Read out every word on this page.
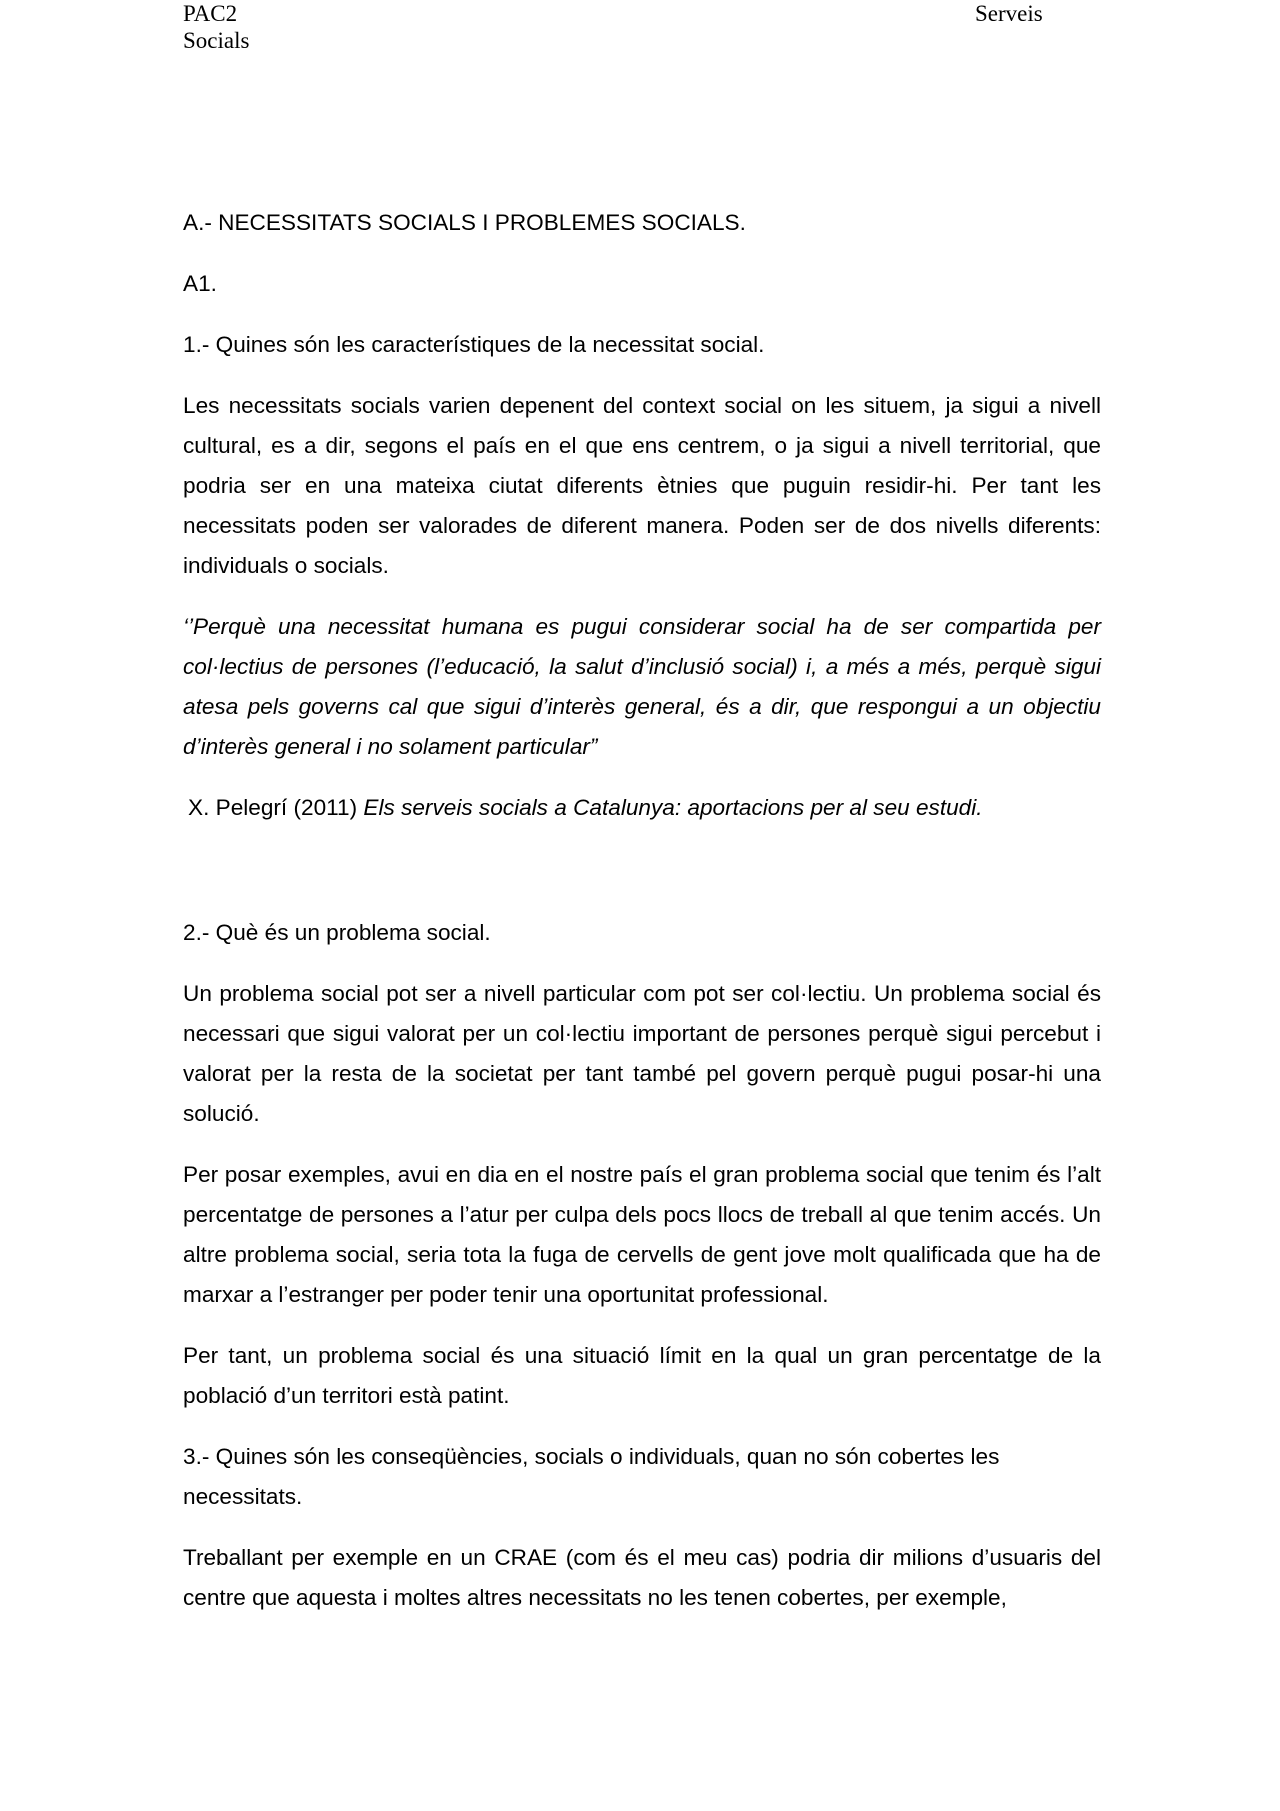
PAC2
Socials
Serveis

A.- NECESSITATS SOCIALS I PROBLEMES SOCIALS.

A1.

1.- Quines són les característiques de la necessitat social.

Les necessitats socials varien depenent del context social on les situem, ja sigui a nivell cultural, es a dir, segons el país en el que ens centrem, o ja sigui a nivell territorial, que podria ser en una mateixa ciutat diferents ètnies que puguin residir-hi. Per tant les necessitats poden ser valorades de diferent manera. Poden ser de dos nivells diferents: individuals o socials.

‘’Perquè una necessitat humana es pugui considerar social ha de ser compartida per col·lectius de persones (l’educació, la salut d’inclusió social) i, a més a més, perquè sigui atesa pels governs cal que sigui d’interès general, és a dir, que respongui a un objectiu d’interès general i no solament particular”

X. Pelegrí (2011) Els serveis socials a Catalunya: aportacions per al seu estudi.

2.- Què és un problema social.

Un problema social pot ser a nivell particular com pot ser col·lectiu. Un problema social és necessari que sigui valorat per un col·lectiu important de persones perquè sigui percebut i valorat per la resta de la societat per tant també pel govern perquè pugui posar-hi una solució.

Per posar exemples, avui en dia en el nostre país el gran problema social que tenim és l’alt percentatge de persones a l’atur per culpa dels pocs llocs de treball al que tenim accés. Un altre problema social, seria tota la fuga de cervells de gent jove molt qualificada que ha de marxar a l’estranger per poder tenir una oportunitat professional.

Per tant, un problema social és una situació límit en la qual un gran percentatge de la població d’un territori està patint.

3.- Quines són les conseqüències, socials o individuals, quan no són cobertes les necessitats.

Treballant per exemple en un CRAE (com és el meu cas) podria dir milions d’usuaris del centre que aquesta i moltes altres necessitats no les tenen cobertes, per exemple,
